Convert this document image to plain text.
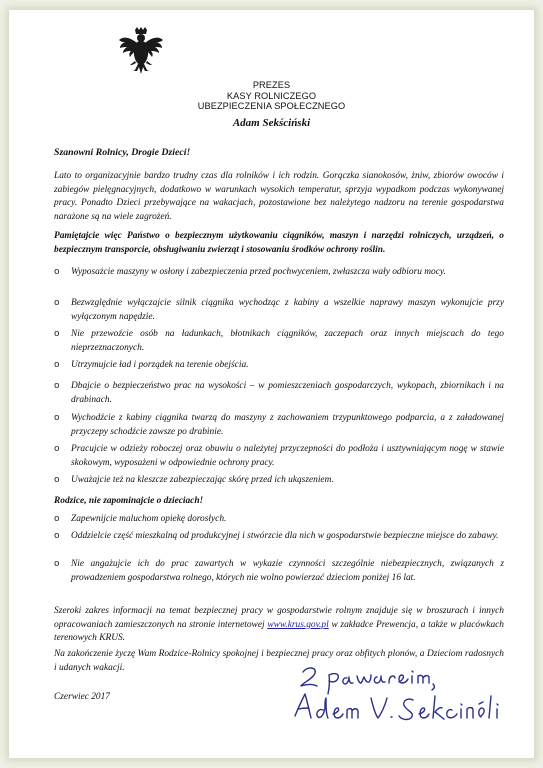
PREZES
KASY ROLNICZEGO
UBEZPIECZENIA SPOŁECZNEGO
Adam Sekściński
Szanowni Rolnicy, Drogie Dzieci!
Lato to organizacyjnie bardzo trudny czas dla rolników i ich rodzin. Gorączka sianokosów, żniw, zbiorów owoców i zabiegów pielęgnacyjnych, dodatkowo w warunkach wysokich temperatur, sprzyja wypadkom podczas wykonywanej pracy. Ponadto Dzieci przebywające na wakacjach, pozostawione bez należytego nadzoru na terenie gospodarstwa narażone są na wiele zagrożeń.
Pamiętajcie więc Państwo o bezpiecznym użytkowaniu ciągników, maszyn i narzędzi rolniczych, urządzeń, o bezpiecznym transporcie, obsługiwaniu zwierząt i stosowaniu środków ochrony roślin.
o	Wyposażcie maszyny w osłony i zabezpieczenia przed pochwyceniem, zwłaszcza wały odbioru mocy.
o	Bezwzględnie wyłączajcie silnik ciągnika wychodząc z kabiny a wszelkie naprawy maszyn wykonujcie przy wyłączonym napędzie.
o	Nie przewoźcie osób na ładunkach, błotnikach ciągników, zaczepach oraz innych miejscach do tego nieprzeznaczonych.
o	Utrzymujcie ład i porządek na terenie obejścia.
o	Dbajcie o bezpieczeństwo prac na wysokości – w pomieszczeniach gospodarczych, wykopach, zbiornikach i na drabinach.
o	Wychodźcie z kabiny ciągnika twarzą do maszyny z zachowaniem trzypunktowego podparcia, a z załadowanej przyczepy schodźcie zawsze po drabinie.
o	Pracujcie w odzieży roboczej oraz obuwiu o należytej przyczepności do podłoża i usztywniającym nogę w stawie skokowym, wyposażeni w odpowiednie ochrony pracy.
o	Uważajcie też na kleszcze zabezpieczając skórę przed ich ukąszeniem.
Rodzice, nie zapominajcie o dzieciach!
o	Zapewnijcie maluchom opiekę dorosłych.
o	Oddzielcie część mieszkalną od produkcyjnej i stwórzcie dla nich w gospodarstwie bezpieczne miejsce do zabawy.
o	Nie angażujcie ich do prac zawartych w wykazie czynności szczególnie niebezpiecznych, związanych z prowadzeniem gospodarstwa rolnego, których nie wolno powierzać dzieciom poniżej 16 lat.
Szeroki zakres informacji na temat bezpiecznej pracy w gospodarstwie rolnym znajduje się w broszurach i innych opracowaniach zamieszczonych na stronie internetowej www.krus.gov.pl w zakładce Prewencja, a także w placówkach terenowych KRUS.
Na zakończenie życzę Wam Rodzice-Rolnicy spokojnej i bezpiecznej pracy oraz obfitych plonów, a Dzieciom radosnych i udanych wakacji.
Czerwiec 2017
